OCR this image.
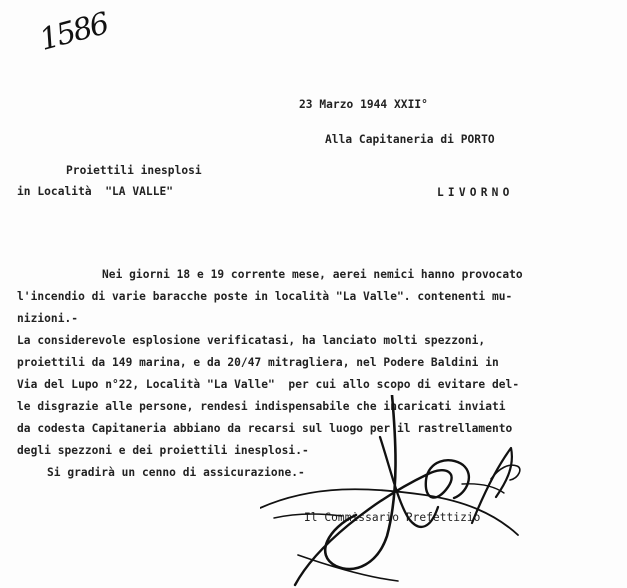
1586
23 Marzo 1944 XXII°
Alla Capitaneria di PORTO
Proiettili inesplosi
in Località  "LA VALLE"	LIVORNO
Nei giorni 18 e 19 corrente mese, aerei nemici hanno provocato
l'incendio di varie baracche poste in località "La Valle". contenenti mu-
nizioni.-
La considerevole esplosione verificatasi, ha lanciato molti spezzoni,
proiettili da 149 marina, e da 20/47 mitragliera, nel Podere Baldini in
Via del Lupo n°22, Località "La Valle"  per cui allo scopo di evitare del-
le disgrazie alle persone, rendesi indispensabile che incaricati inviati
da codesta Capitaneria abbiano da recarsi sul luogo per il rastrellamento
degli spezzoni e dei proiettili inesplosi.-
Si gradirà un cenno di assicurazione.-
Il Commissario Prefettizio
